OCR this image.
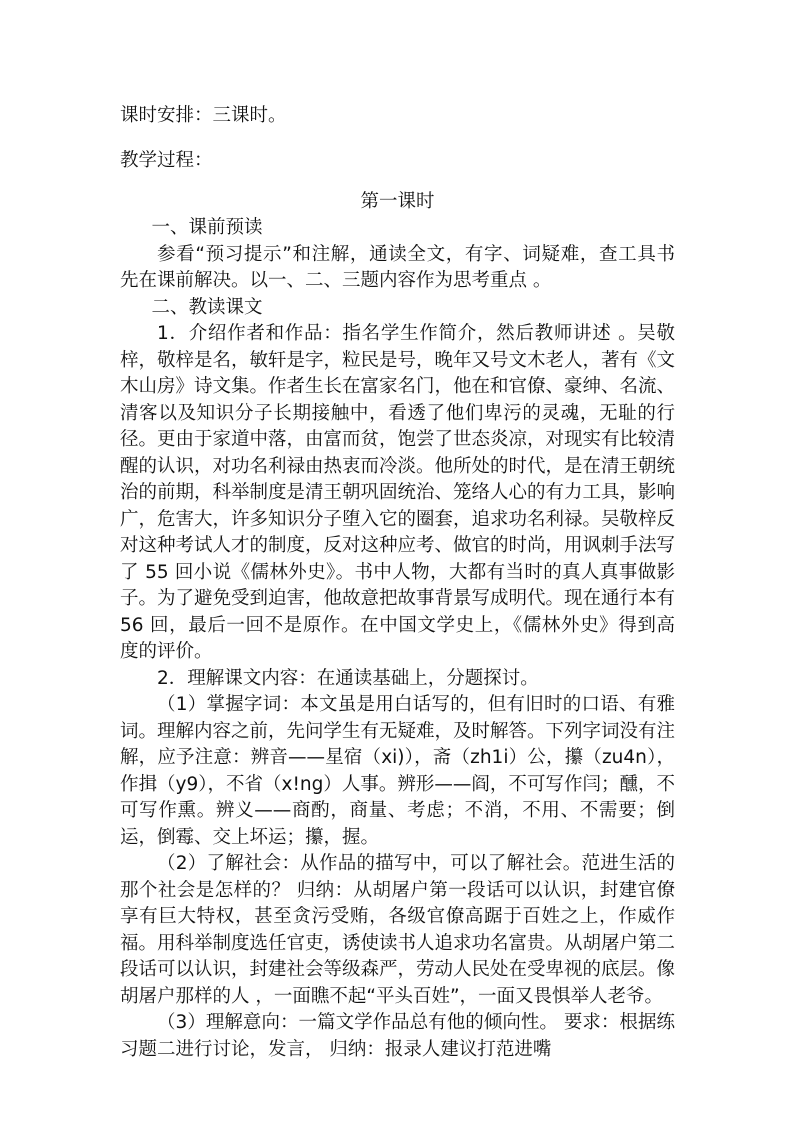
课时安排：三课时。
教学过程：
第一课时

一、课前预读

参看“预习提示”和注解，通读全文，有字、词疑难，查工具书先在课前解决。以一、二、三题内容作为思考重点 。

二、教读课文

1．介绍作者和作品：指名学生作简介，然后教师讲述 。吴敬梓，敬梓是名，敏轩是字，粒民是号，晚年又号文木老人，著有《文木山房》诗文集。作者生长在富家名门，他在和官僚、豪绅、名流、清客以及知识分子长期接触中，看透了他们卑污的灵魂，无耻的行径。更由于家道中落，由富而贫，饱尝了世态炎凉，对现实有比较清醒的认识，对功名利禄由热衷而冷淡。他所处的时代，是在清王朝统治的前期，科举制度是清王朝巩固统治、笼络人心的有力工具，影响广，危害大，许多知识分子堕入它的圈套，追求功名利禄。吴敬梓反对这种考试人才的制度，反对这种应考、做官的时尚，用讽刺手法写了 55 回小说《儒林外史》。书中人物，大都有当时的真人真事做影子。为了避免受到迫害，他故意把故事背景写成明代。现在通行本有 56 回，最后一回不是原作。在中国文学史上，《儒林外史》得到高度的评价。

2．理解课文内容：在通读基础上，分题探讨。

（1）掌握字词：本文虽是用白话写的，但有旧时的口语、有雅词。理解内容之前，先问学生有无疑难，及时解答。下列字词没有注解，应予注意：辨音——星宿（xi)），斋（zh1i）公，攥（zu4n），作揖（y9），不省（x!ng）人事。辨形——阎，不可写作闫；醺，不可写作熏。辨义——商酌，商量、考虑；不消，不用、不需要；倒运，倒霉、交上坏运；攥，握。

（2）了解社会：从作品的描写中，可以了解社会。范进生活的那个社会是怎样的？ 归纳：从胡屠户第一段话可以认识，封建官僚享有巨大特权，甚至贪污受贿，各级官僚高踞于百姓之上，作威作福。用科举制度选任官吏，诱使读书人追求功名富贵。从胡屠户第二段话可以认识，封建社会等级森严，劳动人民处在受卑视的底层。像胡屠户那样的人 ，一面瞧不起“平头百姓”，一面又畏惧举人老爷。

（3）理解意向：一篇文学作品总有他的倾向性。 要求：根据练习题二进行讨论，发言， 归纳：报录人建议打范进嘴
